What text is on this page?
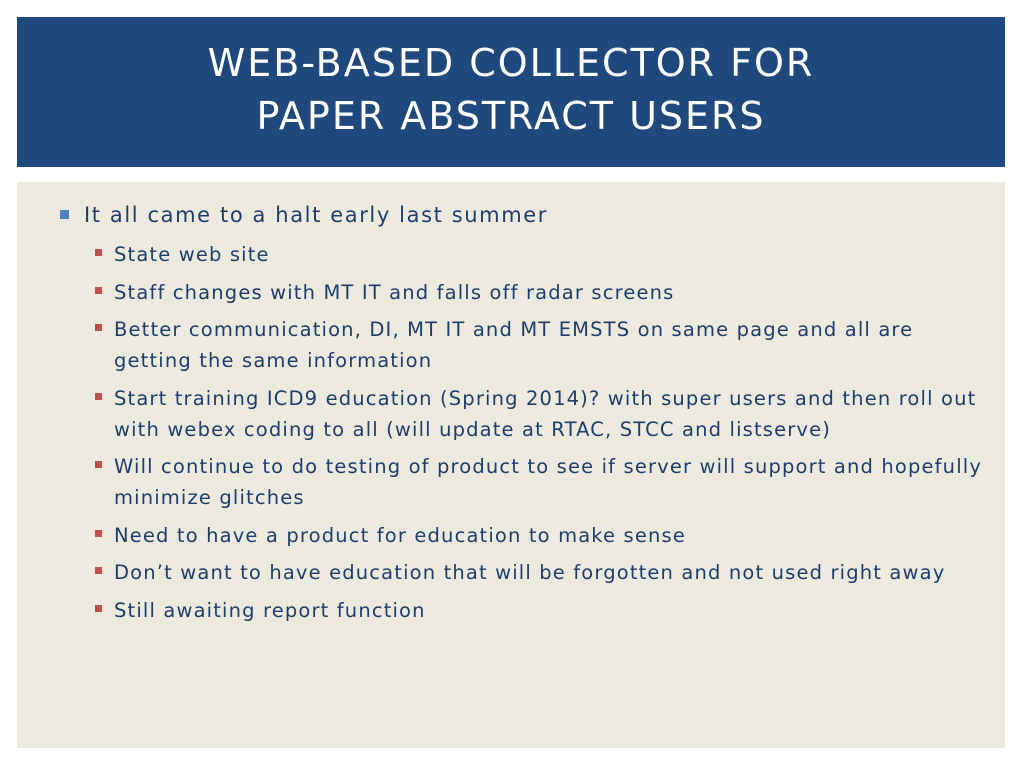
WEB-BASED COLLECTOR FOR
PAPER ABSTRACT USERS
It all came to a halt early last summer
State web site
Staff changes with MT IT and falls off radar screens
Better communication, DI, MT IT and MT EMSTS on same page and all are getting the same information
Start training ICD9 education (Spring 2014)? with super users and then roll out with webex coding to all (will update at RTAC, STCC and listserve)
Will continue to do testing of product to see if server will support and hopefully minimize glitches
Need to have a product for education to make sense
Don’t want to have education that will be forgotten and not used right away
Still awaiting report function
